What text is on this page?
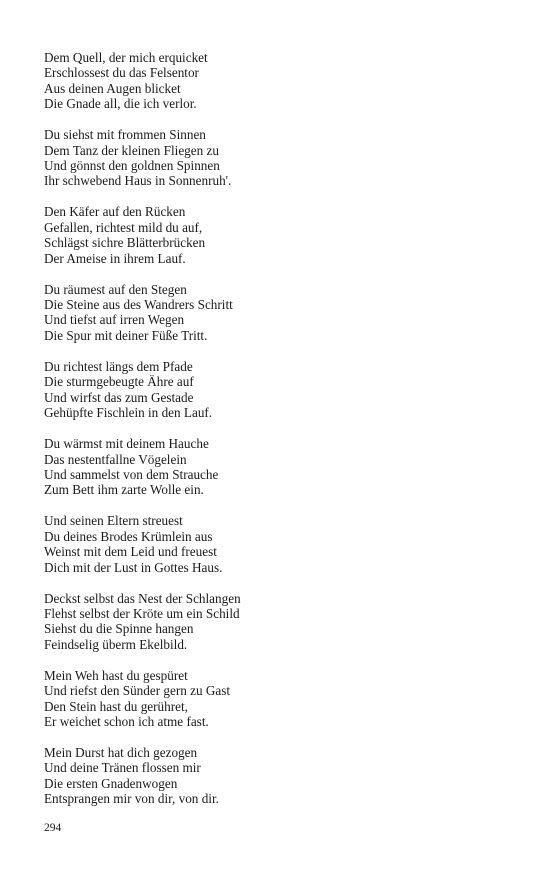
Dem Quell, der mich erquicket
Erschlossest du das Felsentor
Aus deinen Augen blicket
Die Gnade all, die ich verlor.
Du siehst mit frommen Sinnen
Dem Tanz der kleinen Fliegen zu
Und gönnst den goldnen Spinnen
Ihr schwebend Haus in Sonnenruh'.
Den Käfer auf den Rücken
Gefallen, richtest mild du auf,
Schlägst sichre Blätterbrücken
Der Ameise in ihrem Lauf.
Du räumest auf den Stegen
Die Steine aus des Wandrers Schritt
Und tiefst auf irren Wegen
Die Spur mit deiner Füße Tritt.
Du richtest längs dem Pfade
Die sturmgebeugte Ähre auf
Und wirfst das zum Gestade
Gehüpfte Fischlein in den Lauf.
Du wärmst mit deinem Hauche
Das nestentfallne Vögelein
Und sammelst von dem Strauche
Zum Bett ihm zarte Wolle ein.
Und seinen Eltern streuest
Du deines Brodes Krümlein aus
Weinst mit dem Leid und freuest
Dich mit der Lust in Gottes Haus.
Deckst selbst das Nest der Schlangen
Flehst selbst der Kröte um ein Schild
Siehst du die Spinne hangen
Feindselig überm Ekelbild.
Mein Weh hast du gespüret
Und riefst den Sünder gern zu Gast
Den Stein hast du gerühret,
Er weichet schon ich atme fast.
Mein Durst hat dich gezogen
Und deine Tränen flossen mir
Die ersten Gnadenwogen
Entsprangen mir von dir, von dir.
294
